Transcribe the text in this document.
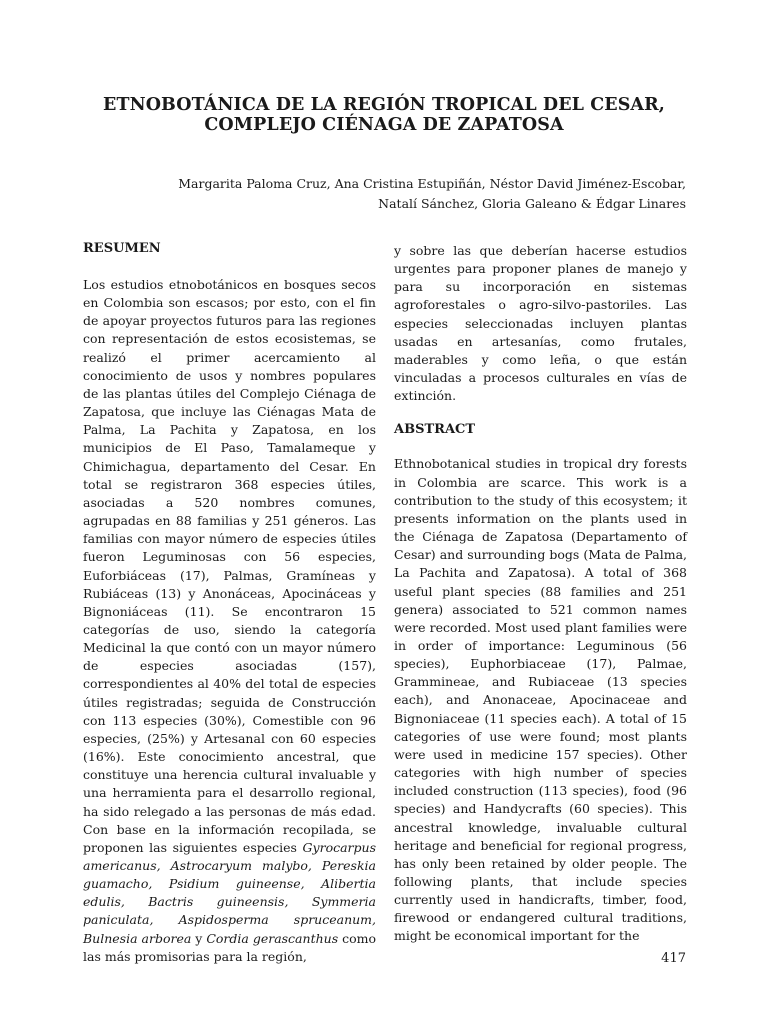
ETNOBOTÁNICA DE LA REGIÓN TROPICAL DEL CESAR,
COMPLEJO CIÉNAGA DE ZAPATOSA
Margarita Paloma Cruz, Ana Cristina Estupiñán, Néstor David Jiménez-Escobar,
Natalí Sánchez, Gloria Galeano & Édgar Linares
RESUMEN

Los estudios etnobotánicos en bosques secos en Colombia son escasos; por esto, con el fin de apoyar proyectos futuros para las regiones con representación de estos ecosistemas, se realizó el primer acercamiento al conocimiento de usos y nombres populares de las plantas útiles del Complejo Ciénaga de Zapatosa, que incluye las Ciénagas Mata de Palma, La Pachita y Zapatosa, en los municipios de El Paso, Tamalameque y Chimichagua, departamento del Cesar. En total se registraron 368 especies útiles, asociadas a 520 nombres comunes, agrupadas en 88 familias y 251 géneros. Las familias con mayor número de especies útiles fueron Leguminosas con 56 especies, Euforbiáceas (17), Palmas, Gramíneas y Rubiáceas (13) y Anonáceas, Apocináceas y Bignoniáceas (11). Se encontraron 15 categorías de uso, siendo la categoría Medicinal la que contó con un mayor número de especies asociadas (157), correspondientes al 40% del total de especies útiles registradas; seguida de Construcción con 113 especies (30%), Comestible con 96 especies, (25%) y Artesanal con 60 especies (16%). Este conocimiento ancestral, que constituye una herencia cultural invaluable y una herramienta para el desarrollo regional, ha sido relegado a las personas de más edad. Con base en la información recopilada, se proponen las siguientes especies Gyrocarpus americanus, Astrocaryum malybo, Pereskia guamacho, Psidium guineense, Alibertia edulis, Bactris guineensis, Symmeria paniculata, Aspidosperma spruceanum, Bulnesia arborea y Cordia gerascanthus como las más promisorias para la región,

y sobre las que deberían hacerse estudios urgentes para proponer planes de manejo y para su incorporación en sistemas agroforestales o agro-silvo-pastoriles. Las especies seleccionadas incluyen plantas usadas en artesanías, como frutales, maderables y como leña, o que están vinculadas a procesos culturales en vías de extinción.

ABSTRACT

Ethnobotanical studies in tropical dry forests in Colombia are scarce. This work is a contribution to the study of this ecosystem; it presents information on the plants used in the Ciénaga de Zapatosa (Departamento of Cesar) and surrounding bogs (Mata de Palma, La Pachita and Zapatosa). A total of 368 useful plant species (88 families and 251 genera) associated to 521 common names were recorded. Most used plant families were in order of importance: Leguminous (56 species), Euphorbiaceae (17), Palmae, Grammineae, and Rubiaceae (13 species each), and Anonaceae, Apocinaceae and Bignoniaceae (11 species each). A total of 15 categories of use were found; most plants were used in medicine 157 species). Other categories with high number of species included construction (113 species), food (96 species) and Handycrafts (60 species). This ancestral knowledge, invaluable cultural heritage and beneficial for regional progress, has only been retained by older people. The following plants, that include species currently used in handicrafts, timber, food, firewood or endangered cultural traditions, might be economical important for the

417
